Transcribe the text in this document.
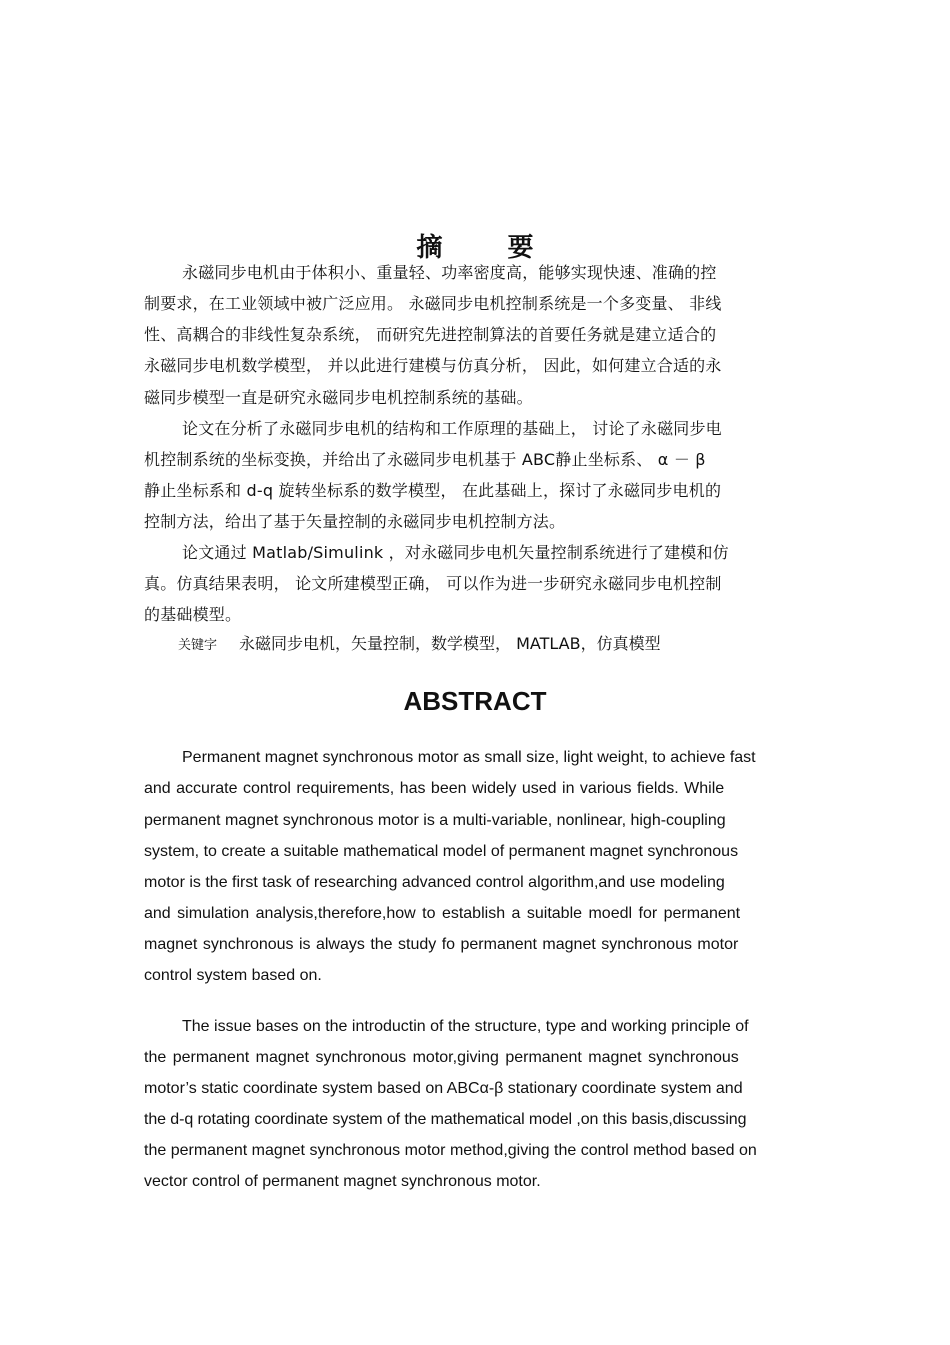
摘 要

永磁同步电机由于体积小、重量轻、功率密度高，能够实现快速、准确的控

制要求，在工业领域中被广泛应用。 永磁同步电机控制系统是一个多变量、 非线

性、高耦合的非线性复杂系统， 而研究先进控制算法的首要任务就是建立适合的

永磁同步电机数学模型， 并以此进行建模与仿真分析， 因此，如何建立合适的永

磁同步模型一直是研究永磁同步电机控制系统的基础。

论文在分析了永磁同步电机的结构和工作原理的基础上， 讨论了永磁同步电

机控制系统的坐标变换，并给出了永磁同步电机基于 ABC静止坐标系、 α － β

静止坐标系和 d-q 旋转坐标系的数学模型， 在此基础上，探讨了永磁同步电机的

控制方法，给出了基于矢量控制的永磁同步电机控制方法。

论文通过 Matlab/Simulink ，对永磁同步电机矢量控制系统进行了建模和仿

真。仿真结果表明， 论文所建模型正确， 可以作为进一步研究永磁同步电机控制

的基础模型。

关键字 永磁同步电机，矢量控制，数学模型， MATLAB，仿真模型

ABSTRACT

Permanent magnet synchronous motor as small size, light weight, to achieve fast

and accurate control requirements, has been widely used in various fields. While

permanent magnet synchronous motor is a multi-variable, nonlinear, high-coupling

system, to create a suitable mathematical model of permanent magnet synchronous

motor is the first task of researching advanced control algorithm,and use modeling

and simulation analysis,therefore,how to establish a suitable moedl for permanent

magnet synchronous is always the study fo permanent magnet synchronous motor

control system based on.

The issue bases on the introductin of the structure, type and working principle of

the permanent magnet synchronous motor,giving permanent magnet synchronous

motor’s static coordinate system based on ABCα-β stationary coordinate system and

the d-q rotating coordinate system of the mathematical model ,on this basis,discussing

the permanent magnet synchronous motor method,giving the control method based on

vector control of permanent magnet synchronous motor.
